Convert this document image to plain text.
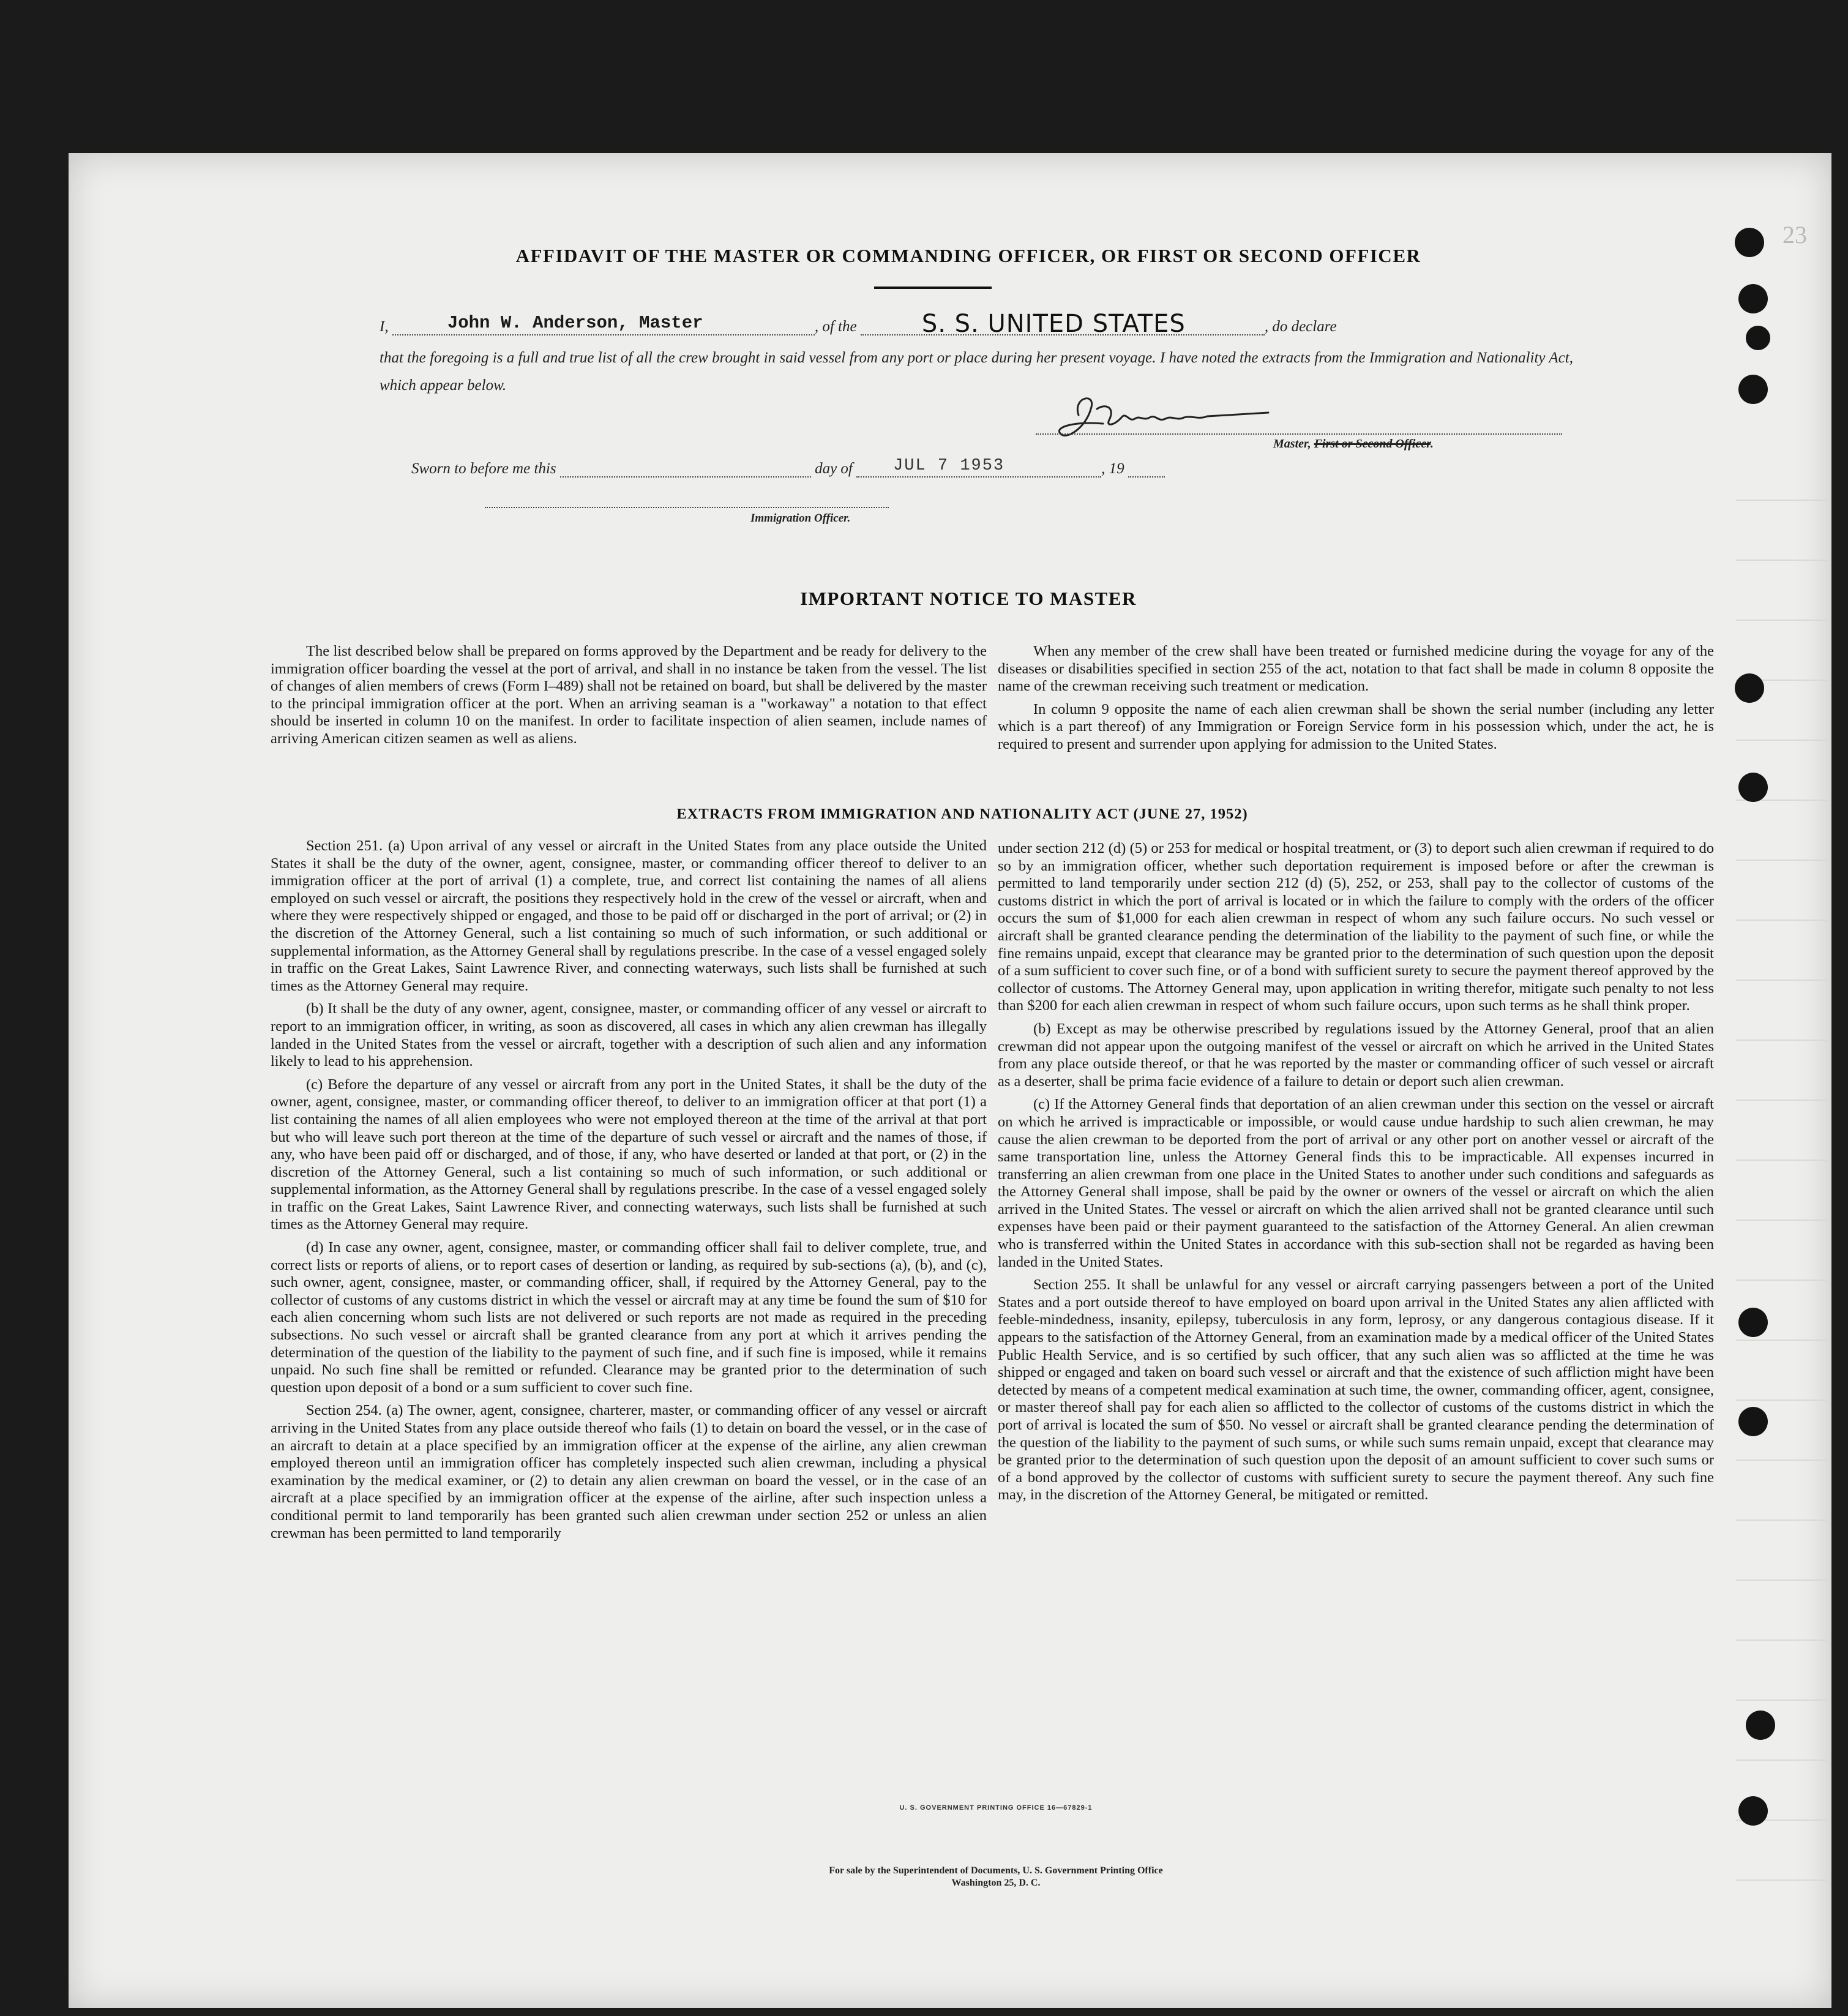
23
AFFIDAVIT OF THE MASTER OR COMMANDING OFFICER, OR FIRST OR SECOND OFFICER
I,	John W. Anderson, Master	, of the	S. S. UNITED STATES	, do declare
that the foregoing is a full and true list of all the crew brought in said vessel from any port or place during her present voyage. I have noted the extracts from the Immigration and Nationality Act, which appear below.
Master, First or Second Officer.
Sworn to before me this	day of JUL 7 1953	, 19
Immigration Officer.
IMPORTANT NOTICE TO MASTER

The list described below shall be prepared on forms approved by the Department and be ready for delivery to the immigration officer boarding the vessel at the port of arrival, and shall in no instance be taken from the vessel. The list of changes of alien members of crews (Form I–489) shall not be retained on board, but shall be delivered by the master to the principal immigration officer at the port. When an arriving seaman is a "workaway" a notation to that effect should be inserted in column 10 on the manifest. In order to facilitate inspection of alien seamen, include names of arriving American citizen seamen as well as aliens.

When any member of the crew shall have been treated or furnished medicine during the voyage for any of the diseases or disabilities specified in section 255 of the act, notation to that fact shall be made in column 8 opposite the name of the crewman receiving such treatment or medication.

In column 9 opposite the name of each alien crewman shall be shown the serial number (including any letter which is a part thereof) of any Immigration or Foreign Service form in his possession which, under the act, he is required to present and surrender upon applying for admission to the United States.

EXTRACTS FROM IMMIGRATION AND NATIONALITY ACT (JUNE 27, 1952)

Section 251. (a) Upon arrival of any vessel or aircraft in the United States from any place outside the United States it shall be the duty of the owner, agent, consignee, master, or commanding officer thereof to deliver to an immigration officer at the port of arrival (1) a complete, true, and correct list containing the names of all aliens employed on such vessel or aircraft, the positions they respectively hold in the crew of the vessel or aircraft, when and where they were respectively shipped or engaged, and those to be paid off or discharged in the port of arrival; or (2) in the discretion of the Attorney General, such a list containing so much of such information, or such additional or supplemental information, as the Attorney General shall by regulations prescribe. In the case of a vessel engaged solely in traffic on the Great Lakes, Saint Lawrence River, and connecting waterways, such lists shall be furnished at such times as the Attorney General may require.

(b) It shall be the duty of any owner, agent, consignee, master, or commanding officer of any vessel or aircraft to report to an immigration officer, in writing, as soon as discovered, all cases in which any alien crewman has illegally landed in the United States from the vessel or aircraft, together with a description of such alien and any information likely to lead to his apprehension.

(c) Before the departure of any vessel or aircraft from any port in the United States, it shall be the duty of the owner, agent, consignee, master, or commanding officer thereof, to deliver to an immigration officer at that port (1) a list containing the names of all alien employees who were not employed thereon at the time of the arrival at that port but who will leave such port thereon at the time of the departure of such vessel or aircraft and the names of those, if any, who have been paid off or discharged, and of those, if any, who have deserted or landed at that port, or (2) in the discretion of the Attorney General, such a list containing so much of such information, or such additional or supplemental information, as the Attorney General shall by regulations prescribe. In the case of a vessel engaged solely in traffic on the Great Lakes, Saint Lawrence River, and connecting waterways, such lists shall be furnished at such times as the Attorney General may require.

(d) In case any owner, agent, consignee, master, or commanding officer shall fail to deliver complete, true, and correct lists or reports of aliens, or to report cases of desertion or landing, as required by sub-sections (a), (b), and (c), such owner, agent, consignee, master, or commanding officer, shall, if required by the Attorney General, pay to the collector of customs of any customs district in which the vessel or aircraft may at any time be found the sum of $10 for each alien concerning whom such lists are not delivered or such reports are not made as required in the preceding subsections. No such vessel or aircraft shall be granted clearance from any port at which it arrives pending the determination of the question of the liability to the payment of such fine, and if such fine is imposed, while it remains unpaid. No such fine shall be remitted or refunded. Clearance may be granted prior to the determination of such question upon deposit of a bond or a sum sufficient to cover such fine.

Section 254. (a) The owner, agent, consignee, charterer, master, or commanding officer of any vessel or aircraft arriving in the United States from any place outside thereof who fails (1) to detain on board the vessel, or in the case of an aircraft to detain at a place specified by an immigration officer at the expense of the airline, any alien crewman employed thereon until an immigration officer has completely inspected such alien crewman, including a physical examination by the medical examiner, or (2) to detain any alien crewman on board the vessel, or in the case of an aircraft at a place specified by an immigration officer at the expense of the airline, after such inspection unless a conditional permit to land temporarily has been granted such alien crewman under section 252 or unless an alien crewman has been permitted to land temporarily

under section 212 (d) (5) or 253 for medical or hospital treatment, or (3) to deport such alien crewman if required to do so by an immigration officer, whether such deportation requirement is imposed before or after the crewman is permitted to land temporarily under section 212 (d) (5), 252, or 253, shall pay to the collector of customs of the customs district in which the port of arrival is located or in which the failure to comply with the orders of the officer occurs the sum of $1,000 for each alien crewman in respect of whom any such failure occurs. No such vessel or aircraft shall be granted clearance pending the determination of the liability to the payment of such fine, or while the fine remains unpaid, except that clearance may be granted prior to the determination of such question upon the deposit of a sum sufficient to cover such fine, or of a bond with sufficient surety to secure the payment thereof approved by the collector of customs. The Attorney General may, upon application in writing therefor, mitigate such penalty to not less than $200 for each alien crewman in respect of whom such failure occurs, upon such terms as he shall think proper.

(b) Except as may be otherwise prescribed by regulations issued by the Attorney General, proof that an alien crewman did not appear upon the outgoing manifest of the vessel or aircraft on which he arrived in the United States from any place outside thereof, or that he was reported by the master or commanding officer of such vessel or aircraft as a deserter, shall be prima facie evidence of a failure to detain or deport such alien crewman.

(c) If the Attorney General finds that deportation of an alien crewman under this section on the vessel or aircraft on which he arrived is impracticable or impossible, or would cause undue hardship to such alien crewman, he may cause the alien crewman to be deported from the port of arrival or any other port on another vessel or aircraft of the same transportation line, unless the Attorney General finds this to be impracticable. All expenses incurred in transferring an alien crewman from one place in the United States to another under such conditions and safeguards as the Attorney General shall impose, shall be paid by the owner or owners of the vessel or aircraft on which the alien arrived in the United States. The vessel or aircraft on which the alien arrived shall not be granted clearance until such expenses have been paid or their payment guaranteed to the satisfaction of the Attorney General. An alien crewman who is transferred within the United States in accordance with this sub-section shall not be regarded as having been landed in the United States.

Section 255. It shall be unlawful for any vessel or aircraft carrying passengers between a port of the United States and a port outside thereof to have employed on board upon arrival in the United States any alien afflicted with feeble-mindedness, insanity, epilepsy, tuberculosis in any form, leprosy, or any dangerous contagious disease. If it appears to the satisfaction of the Attorney General, from an examination made by a medical officer of the United States Public Health Service, and is so certified by such officer, that any such alien was so afflicted at the time he was shipped or engaged and taken on board such vessel or aircraft and that the existence of such affliction might have been detected by means of a competent medical examination at such time, the owner, commanding officer, agent, consignee, or master thereof shall pay for each alien so afflicted to the collector of customs of the customs district in which the port of arrival is located the sum of $50. No vessel or aircraft shall be granted clearance pending the determination of the question of the liability to the payment of such sums, or while such sums remain unpaid, except that clearance may be granted prior to the determination of such question upon the deposit of an amount sufficient to cover such sums or of a bond approved by the collector of customs with sufficient surety to secure the payment thereof. Any such fine may, in the discretion of the Attorney General, be mitigated or remitted.

U. S. GOVERNMENT PRINTING OFFICE 16—67829-1
For sale by the Superintendent of Documents, U. S. Government Printing Office
Washington 25, D. C.
